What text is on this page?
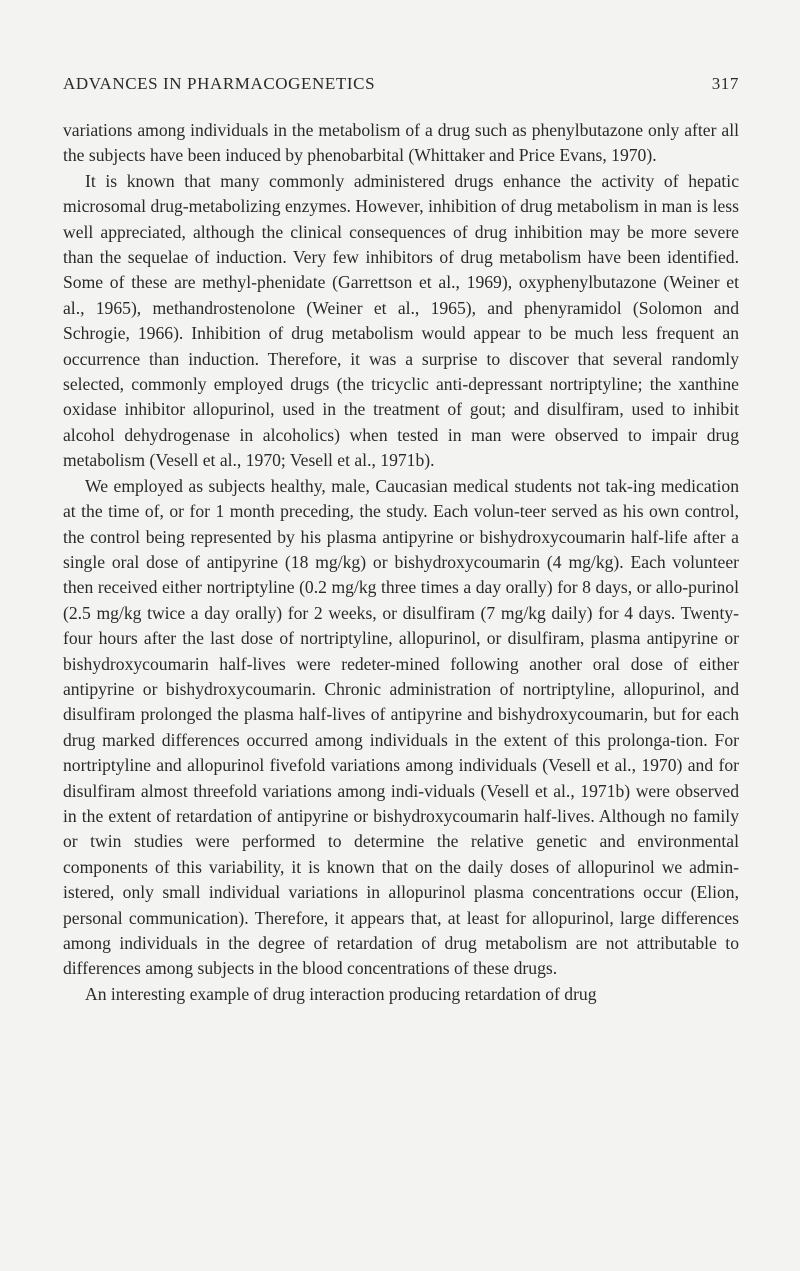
ADVANCES IN PHARMACOGENETICS	317

variations among individuals in the metabolism of a drug such as phenylbutazone only after all the subjects have been induced by phenobarbital (Whittaker and Price Evans, 1970).

It is known that many commonly administered drugs enhance the activity of hepatic microsomal drug-metabolizing enzymes. However, inhibition of drug metabolism in man is less well appreciated, although the clinical consequences of drug inhibition may be more severe than the sequelae of induction. Very few inhibitors of drug metabolism have been identified. Some of these are methyl-phenidate (Garrettson et al., 1969), oxyphenylbutazone (Weiner et al., 1965), methandrostenolone (Weiner et al., 1965), and phenyramidol (Solomon and Schrogie, 1966). Inhibition of drug metabolism would appear to be much less frequent an occurrence than induction. Therefore, it was a surprise to discover that several randomly selected, commonly employed drugs (the tricyclic anti-depressant nortriptyline; the xanthine oxidase inhibitor allopurinol, used in the treatment of gout; and disulfiram, used to inhibit alcohol dehydrogenase in alcoholics) when tested in man were observed to impair drug metabolism (Vesell et al., 1970; Vesell et al., 1971b).

We employed as subjects healthy, male, Caucasian medical students not tak-ing medication at the time of, or for 1 month preceding, the study. Each volun-teer served as his own control, the control being represented by his plasma antipyrine or bishydroxycoumarin half-life after a single oral dose of antipyrine (18 mg/kg) or bishydroxycoumarin (4 mg/kg). Each volunteer then received either nortriptyline (0.2 mg/kg three times a day orally) for 8 days, or allo-purinol (2.5 mg/kg twice a day orally) for 2 weeks, or disulfiram (7 mg/kg daily) for 4 days. Twenty-four hours after the last dose of nortriptyline, allopurinol, or disulfiram, plasma antipyrine or bishydroxycoumarin half-lives were redeter-mined following another oral dose of either antipyrine or bishydroxycoumarin. Chronic administration of nortriptyline, allopurinol, and disulfiram prolonged the plasma half-lives of antipyrine and bishydroxycoumarin, but for each drug marked differences occurred among individuals in the extent of this prolonga-tion. For nortriptyline and allopurinol fivefold variations among individuals (Vesell et al., 1970) and for disulfiram almost threefold variations among indi-viduals (Vesell et al., 1971b) were observed in the extent of retardation of antipyrine or bishydroxycoumarin half-lives. Although no family or twin studies were performed to determine the relative genetic and environmental components of this variability, it is known that on the daily doses of allopurinol we admin-istered, only small individual variations in allopurinol plasma concentrations occur (Elion, personal communication). Therefore, it appears that, at least for allopurinol, large differences among individuals in the degree of retardation of drug metabolism are not attributable to differences among subjects in the blood concentrations of these drugs.

An interesting example of drug interaction producing retardation of drug
